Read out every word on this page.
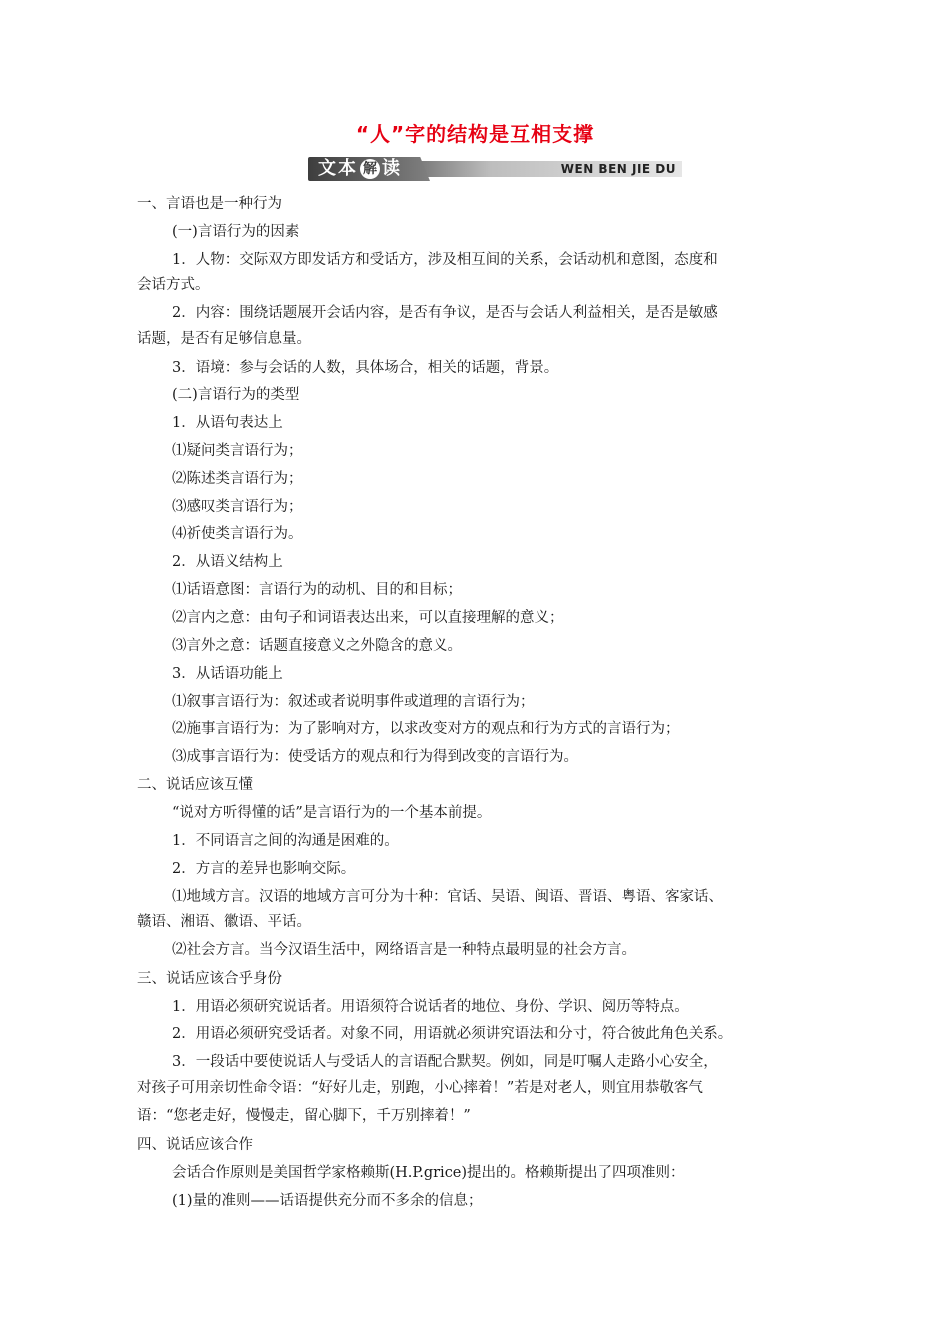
“人”字的结构是互相支撑
文本 解 读	WEN BEN JIE DU
一、言语也是一种行为
(一)言语行为的因素
1．人物：交际双方即发话方和受话方，涉及相互间的关系，会话动机和意图，态度和
会话方式。
2．内容：围绕话题展开会话内容，是否有争议，是否与会话人利益相关，是否是敏感
话题，是否有足够信息量。
3．语境：参与会话的人数，具体场合，相关的话题，背景。
(二)言语行为的类型
1．从语句表达上
⑴疑问类言语行为；
⑵陈述类言语行为；
⑶感叹类言语行为；
⑷祈使类言语行为。
2．从语义结构上
⑴话语意图：言语行为的动机、目的和目标；
⑵言内之意：由句子和词语表达出来，可以直接理解的意义；
⑶言外之意：话题直接意义之外隐含的意义。
3．从话语功能上
⑴叙事言语行为：叙述或者说明事件或道理的言语行为；
⑵施事言语行为：为了影响对方，以求改变对方的观点和行为方式的言语行为；
⑶成事言语行为：使受话方的观点和行为得到改变的言语行为。
二、说话应该互懂
“说对方听得懂的话”是言语行为的一个基本前提。
1．不同语言之间的沟通是困难的。
2．方言的差异也影响交际。
⑴地域方言。汉语的地域方言可分为十种：官话、吴语、闽语、晋语、粤语、客家话、
赣语、湘语、徽语、平话。
⑵社会方言。当今汉语生活中，网络语言是一种特点最明显的社会方言。
三、说话应该合乎身份
1．用语必须研究说话者。用语须符合说话者的地位、身份、学识、阅历等特点。
2．用语必须研究受话者。对象不同，用语就必须讲究语法和分寸，符合彼此角色关系。
3．一段话中要使说话人与受话人的言语配合默契。例如，同是叮嘱人走路小心安全，
对孩子可用亲切性命令语：“好好儿走，别跑，小心摔着！”若是对老人，则宜用恭敬客气
语：“您老走好，慢慢走，留心脚下，千万别摔着！”
四、说话应该合作
会话合作原则是美国哲学家格赖斯(H.P.grice)提出的。格赖斯提出了四项准则：
(1)量的准则——话语提供充分而不多余的信息；
